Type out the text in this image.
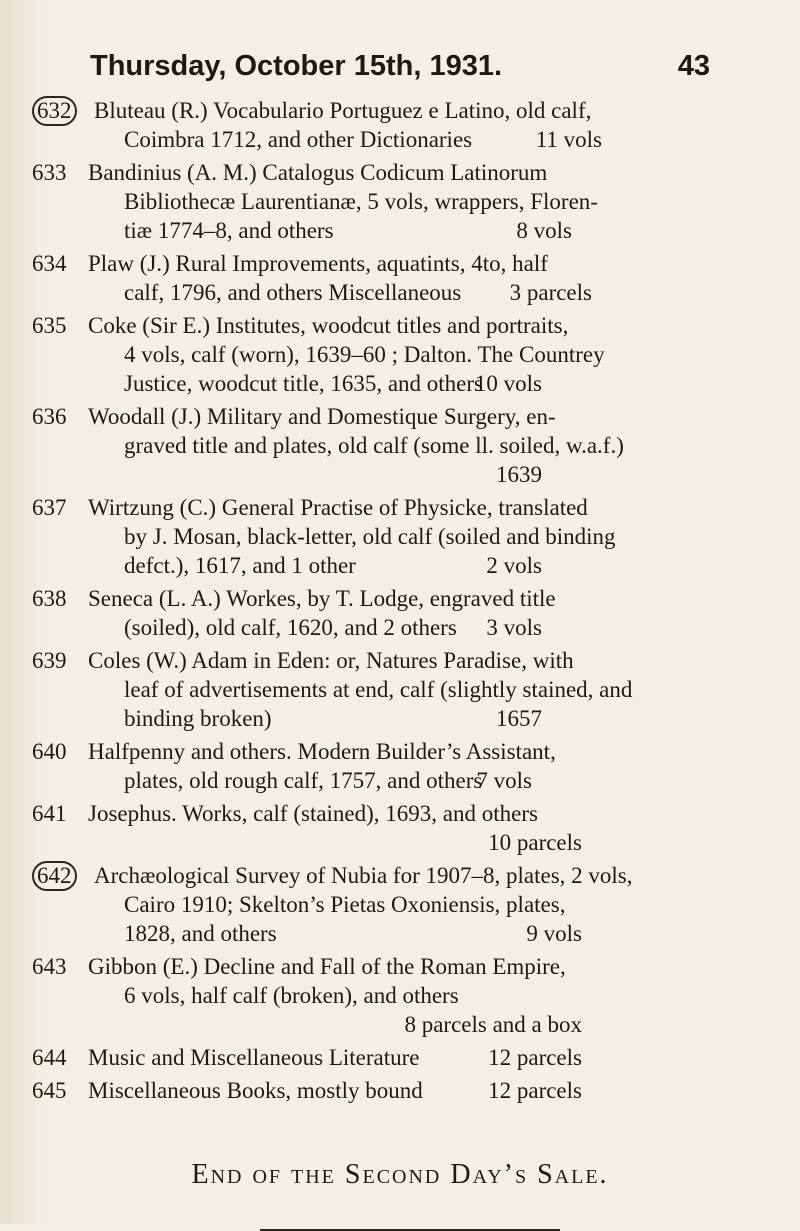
Thursday, October 15th, 1931.	43
632 Bluteau (R.) Vocabulario Portuguez e Latino, old calf,
Coimbra 1712, and other Dictionaries	11 vols
633 Bandinius (A. M.) Catalogus Codicum Latinorum
Bibliothecæ Laurentianæ, 5 vols, wrappers, Floren-
tiæ 1774–8, and others	8 vols
634 Plaw (J.) Rural Improvements, aquatints, 4to, half
calf, 1796, and others Miscellaneous 3 parcels
635 Coke (Sir E.) Institutes, woodcut titles and portraits,
4 vols, calf (worn), 1639–60 ; Dalton. The Countrey
Justice, woodcut title, 1635, and others
10 vols
636 Woodall (J.) Military and Domestique Surgery, en-
graved title and plates, old calf (some ll. soiled, w.a.f.)
1639
637 Wirtzung (C.) General Practise of Physicke, translated
by J. Mosan, black-letter, old calf (soiled and binding
defct.), 1617, and 1 other	2 vols
638 Seneca (L. A.) Workes, by T. Lodge, engraved title
(soiled), old calf, 1620, and 2 others 3 vols
639 Coles (W.) Adam in Eden: or, Natures Paradise, with
leaf of advertisements at end, calf (slightly stained, and
binding broken)	1657
640 Halfpenny and others. Modern Builder’s Assistant,
plates, old rough calf, 1757, and others
7 vols
641 Josephus. Works, calf (stained), 1693, and others
10 parcels
642 Archæological Survey of Nubia for 1907–8, plates, 2 vols,
Cairo 1910; Skelton’s Pietas Oxoniensis, plates,
1828, and others	9 vols
643 Gibbon (E.) Decline and Fall of the Roman Empire,
6 vols, half calf (broken), and others
8 parcels and a box
644 Music and Miscellaneous Literature	12 parcels
645 Miscellaneous Books, mostly bound	12 parcels
End of the Second Day’s Sale.
